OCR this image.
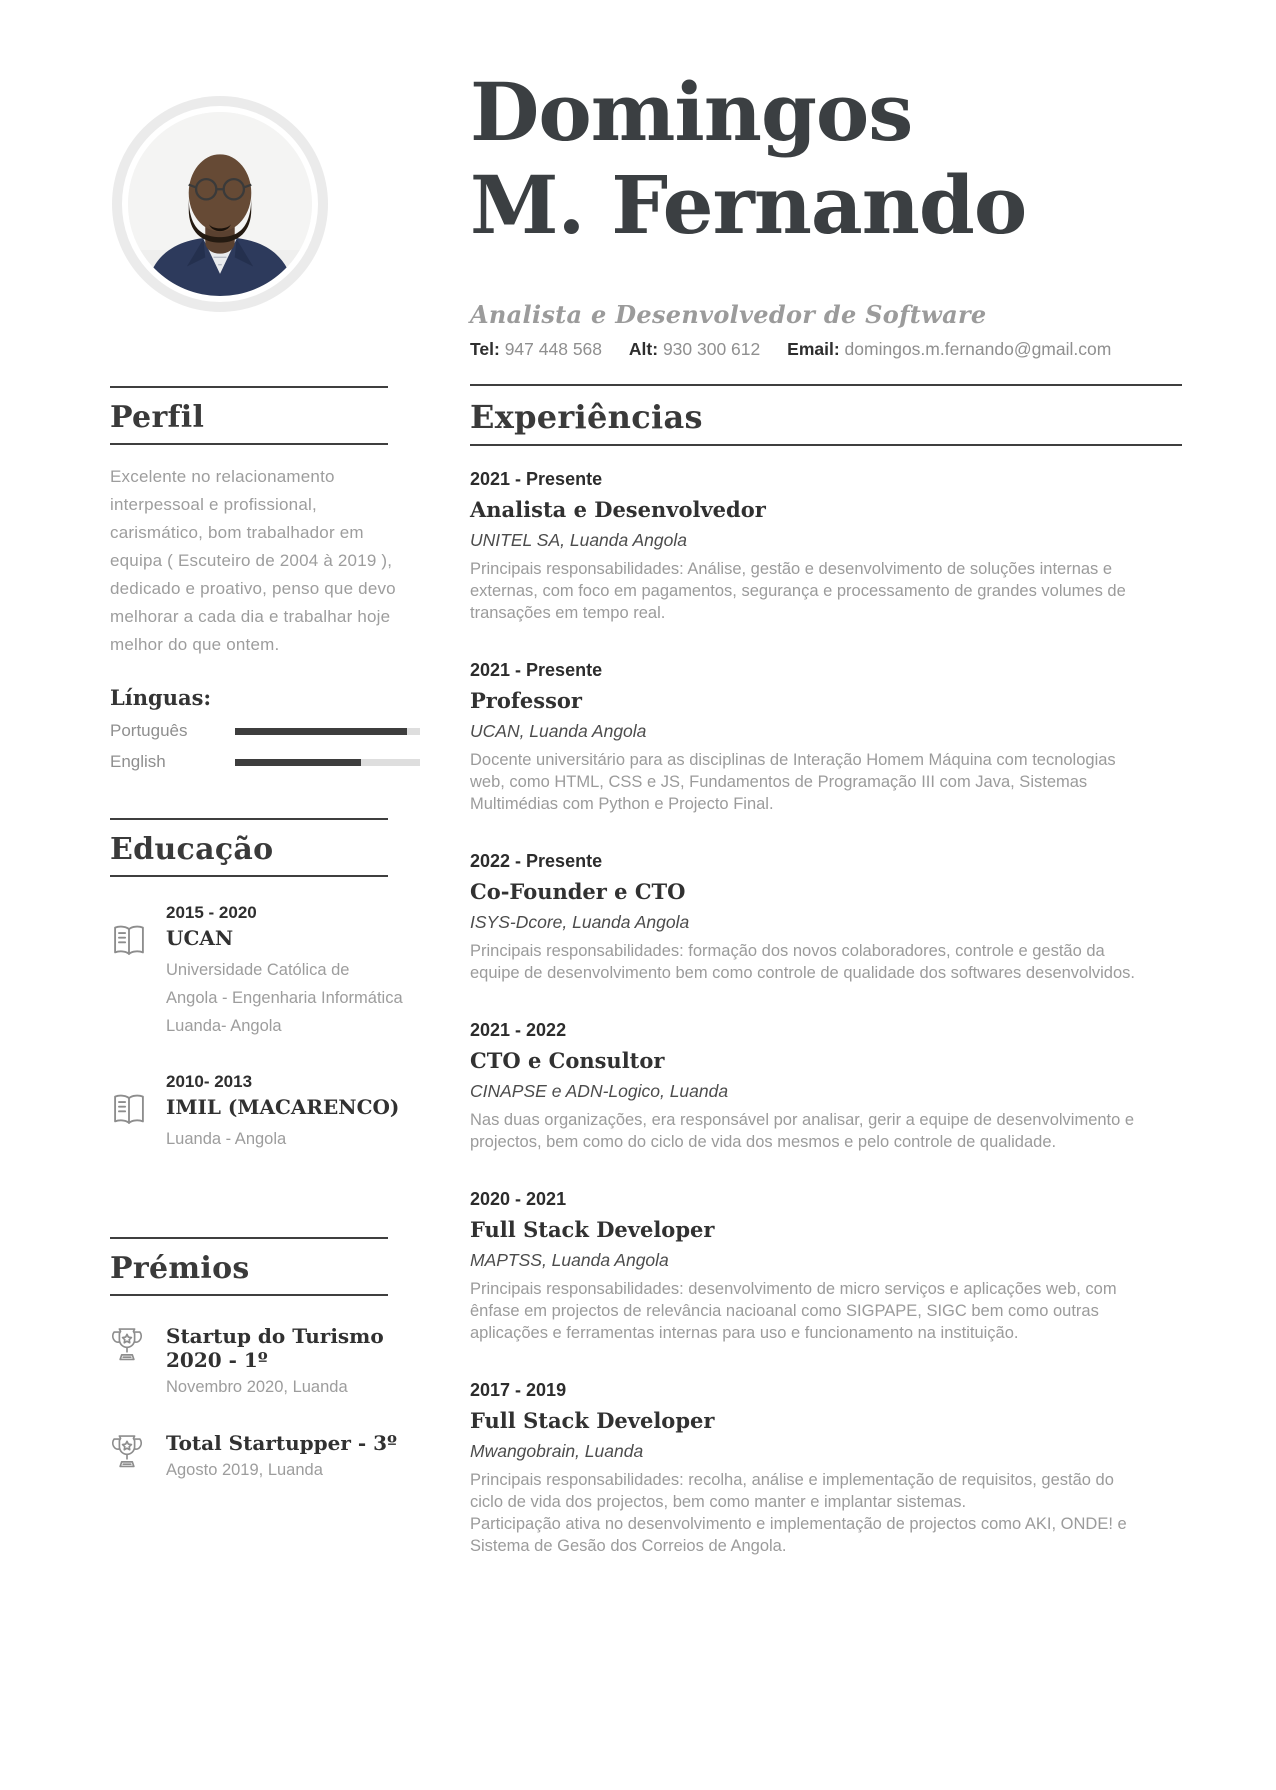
Perfil

Excelente no relacionamento interpessoal e profissional, carismático, bom trabalhador em equipa ( Escuteiro de 2004 à 2019 ), dedicado e proativo, penso que devo melhorar a cada dia e trabalhar hoje melhor do que ontem.

Línguas:
Português
English
Educação
2015 - 2020
UCAN
Universidade Católica de
Angola - Engenharia Informática
Luanda- Angola
2010- 2013
IMIL (MACARENCO)
Luanda - Angola
Prémios
Startup do Turismo 2020 - 1º
Novembro 2020, Luanda
Total Startupper - 3º
Agosto 2019, Luanda
Domingos
M. Fernando
Analista e Desenvolvedor de Software
Tel: 947 448 568 Alt: 930 300 612 Email: domingos.m.fernando@gmail.com
Experiências
2021 - Presente
Analista e Desenvolvedor
UNITEL SA, Luanda Angola
Principais responsabilidades: Análise, gestão e desenvolvimento de soluções internas e externas, com foco em pagamentos, segurança e processamento de grandes volumes de transações em tempo real.
2021 - Presente
Professor
UCAN, Luanda Angola
Docente universitário para as disciplinas de Interação Homem Máquina com tecnologias web, como HTML, CSS e JS, Fundamentos de Programação III com Java, Sistemas Multimédias com Python e Projecto Final.
2022 - Presente
Co-Founder e CTO
ISYS-Dcore, Luanda Angola
Principais responsabilidades: formação dos novos colaboradores, controle e gestão da equipe de desenvolvimento bem como controle de qualidade dos softwares desenvolvidos.
2021 - 2022
CTO e Consultor
CINAPSE e ADN-Logico, Luanda
Nas duas organizações, era responsável por analisar, gerir a equipe de desenvolvimento e projectos, bem como do ciclo de vida dos mesmos e pelo controle de qualidade.
2020 - 2021
Full Stack Developer
MAPTSS, Luanda Angola
Principais responsabilidades: desenvolvimento de micro serviços e aplicações web, com ênfase em projectos de relevância nacioanal como SIGPAPE, SIGC bem como outras aplicações e ferramentas internas para uso e funcionamento na instituição.
2017 - 2019
Full Stack Developer
Mwangobrain, Luanda
Principais responsabilidades: recolha, análise e implementação de requisitos, gestão do ciclo de vida dos projectos, bem como manter e implantar sistemas.
Participação ativa no desenvolvimento e implementação de projectos como AKI, ONDE! e Sistema de Gesão dos Correios de Angola.
